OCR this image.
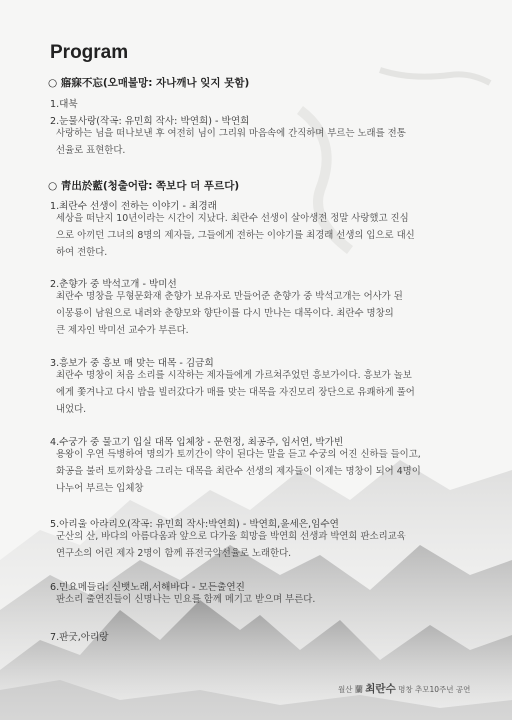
Program
○ 寤寐不忘(오매불망: 자나깨나 잊지 못함)
1.대북
2.눈물사랑(작곡: 유민희 작사: 박연희) - 박연희
사랑하는 님을 떠나보낸 후 여전히 님이 그리워 마음속에 간직하며 부르는 노래를 전통
선율로 표현한다.
○ 靑出於藍(청출어람: 쪽보다 더 푸르다)
1.최란수 선생이 전하는 이야기 - 최경래
세상을 떠난지 10년이라는 시간이 지났다. 최란수 선생이 살아생전 정말 사랑했고 진심
으로 아끼던 그녀의 8명의 제자들, 그들에게 전하는 이야기를 최경래 선생의 입으로 대신
하여 전한다.
2.춘향가 중 박석고개 - 박미선
최란수 명창을 무형문화재 춘향가 보유자로 만들어준 춘향가 중 박석고개는 어사가 된
이몽룡이 남원으로 내려와 춘향모와 향단이를 다시 만나는 대목이다. 최란수 명창의
큰 제자인 박미선 교수가 부른다.
3.흥보가 중 흥보 매 맞는 대목 - 김금희
최란수 명창이 처음 소리를 시작하는 제자들에게 가르쳐주었던 흥보가이다. 흥보가 놀보
에게 쫓겨나고 다시 밥을 빌러갔다가 매를 맞는 대목을 자진모리 장단으로 유쾌하게 풀어
내었다.
4.수궁가 중 물고기 입실 대목 입체창 - 문현정, 최공주, 임서연, 박가빈
용왕이 우연 득병하여 명의가 토끼간이 약이 된다는 말을 듣고 수궁의 어진 신하들 들이고,
화공을 불러 토끼화상을 그리는 대목을 최란수 선생의 제자들이 이제는 명창이 되어 4명이
나누어 부르는 입체창
5.아리울 아라리오(작곡: 유민희 작사:박연희) - 박연희,윤세은,임수연
군산의 산, 바다의 아름다움과 앞으로 다가올 희망을 박연희 선생과 박연희 판소리교육
연구소의 어린 제자 2명이 함께 퓨전국악선율로 노래한다.
6.민요메들리: 신뱃노래,서해바다 - 모든출연진
판소리 출연진들이 신명나는 민요를 함께 메기고 받으며 부른다.
7.판굿,아리랑
월산 蘭 최란수 명창 추모10주년 공연
